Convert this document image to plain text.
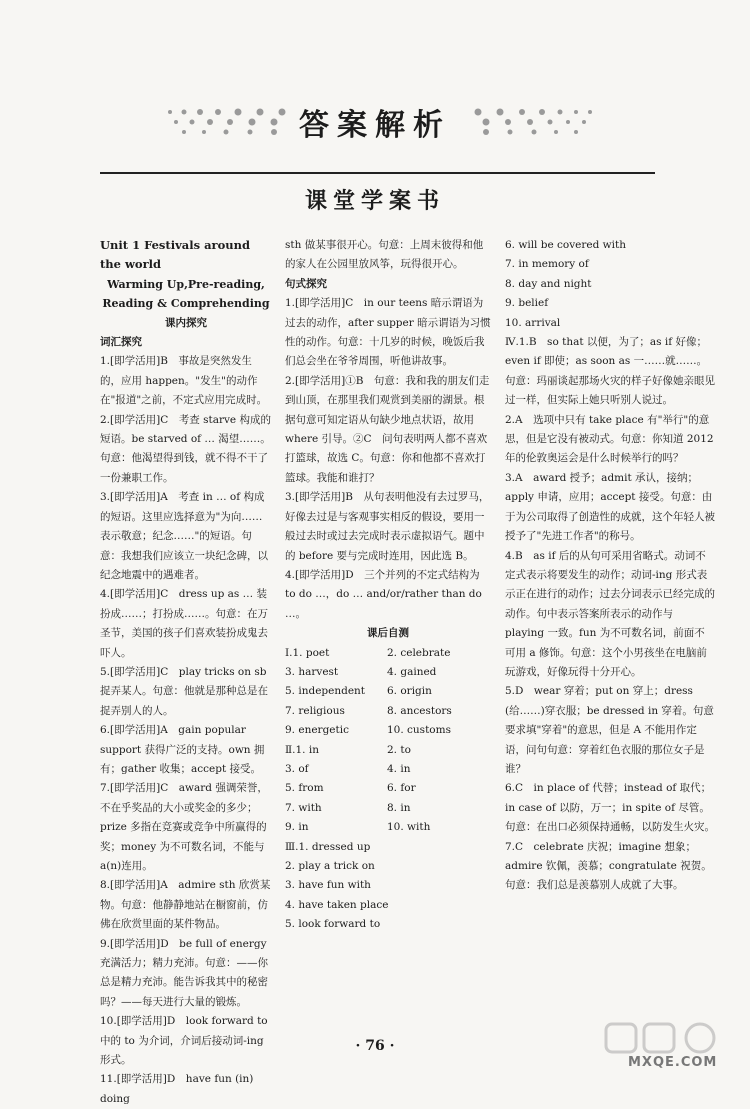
答案解析
课堂学案书

Unit 1 Festivals around the world

Warming Up,Pre-reading,

Reading & Comprehending

课内探究

词汇探究

1.[即学活用]B　事故是突然发生的，应用 happen。"发生"的动作在"报道"之前，不定式应用完成时。

2.[即学活用]C　考查 starve 构成的短语。be starved of … 渴望……。句意：他渴望得到钱，就不得不干了一份兼职工作。

3.[即学活用]A　考查 in … of 构成的短语。这里应选择意为"为向……表示敬意；纪念……"的短语。句意：我想我们应该立一块纪念碑，以纪念地震中的遇难者。

4.[即学活用]C　dress up as … 装扮成……；打扮成……。句意：在万圣节，美国的孩子们喜欢装扮成鬼去吓人。

5.[即学活用]C　play tricks on sb 捉弄某人。句意：他就是那种总是在捉弄别人的人。

6.[即学活用]A　gain popular support 获得广泛的支持。own 拥有；gather 收集；accept 接受。

7.[即学活用]C　award 强调荣誉，不在乎奖品的大小或奖金的多少；prize 多指在竞赛或竞争中所赢得的奖；money 为不可数名词，不能与 a(n)连用。

8.[即学活用]A　admire sth 欣赏某物。句意：他静静地站在橱窗前，仿佛在欣赏里面的某件物品。

9.[即学活用]D　be full of energy 充满活力；精力充沛。句意：——你总是精力充沛。能告诉我其中的秘密吗？——每天进行大量的锻炼。

10.[即学活用]D　look forward to 中的 to 为介词，介词后接动词-ing 形式。

11.[即学活用]D　have fun (in) doing

sth 做某事很开心。句意：上周末彼得和他的家人在公园里放风筝，玩得很开心。

句式探究

1.[即学活用]C　in our teens 暗示谓语为过去的动作，after supper 暗示谓语为习惯性的动作。句意：十几岁的时候，晚饭后我们总会坐在爷爷周围，听他讲故事。

2.[即学活用]①B　句意：我和我的朋友们走到山顶，在那里我们观赏到美丽的湖景。根据句意可知定语从句缺少地点状语，故用 where 引导。②C　问句表明两人都不喜欢打篮球，故选 C。句意：你和他都不喜欢打篮球。我能和谁打？

3.[即学活用]B　从句表明他没有去过罗马，好像去过是与客观事实相反的假设，要用一般过去时或过去完成时表示虚拟语气。题中的 before 要与完成时连用，因此选 B。

4.[即学活用]D　三个并列的不定式结构为 to do …，do … and/or/rather than do …。

课后自测

Ⅰ.1. poet	2. celebrate
3. harvest	4. gained
5. independent	6. origin
7. religious	8. ancestors
9. energetic	10. customs
Ⅱ.1. in	2. to
3. of	4. in
5. from	6. for
7. with	8. in
9. in	10. with
Ⅲ.1. dressed up
2. play a trick on
3. have fun with
4. have taken place
5. look forward to
6. will be covered with
7. in memory of
8. day and night
9. belief
10. arrival

Ⅳ.1.B　so that 以便，为了；as if 好像；even if 即使；as soon as 一……就……。句意：玛丽谈起那场火灾的样子好像她亲眼见过一样，但实际上她只听别人说过。

2.A　选项中只有 take place 有"举行"的意思，但是它没有被动式。句意：你知道 2012 年的伦敦奥运会是什么时候举行的吗？

3.A　award 授予；admit 承认，接纳；apply 申请，应用；accept 接受。句意：由于为公司取得了创造性的成就，这个年轻人被授予了"先进工作者"的称号。

4.B　as if 后的从句可采用省略式。动词不定式表示将要发生的动作；动词-ing 形式表示正在进行的动作；过去分词表示已经完成的动作。句中表示答案所表示的动作与 playing 一致。fun 为不可数名词，前面不可用 a 修饰。句意：这个小男孩坐在电脑前玩游戏，好像玩得十分开心。

5.D　wear 穿着；put on 穿上；dress (给……)穿衣服；be dressed in 穿着。句意要求填"穿着"的意思，但是 A 不能用作定语，问句句意：穿着红色衣服的那位女子是谁？

6.C　in place of 代替；instead of 取代；in case of 以防，万一；in spite of 尽管。句意：在出口必须保持通畅，以防发生火灾。

7.C　celebrate 庆祝；imagine 想象；admire 钦佩，羡慕；congratulate 祝贺。句意：我们总是羡慕别人成就了大事。

· 76 ·
MXQE.COM
